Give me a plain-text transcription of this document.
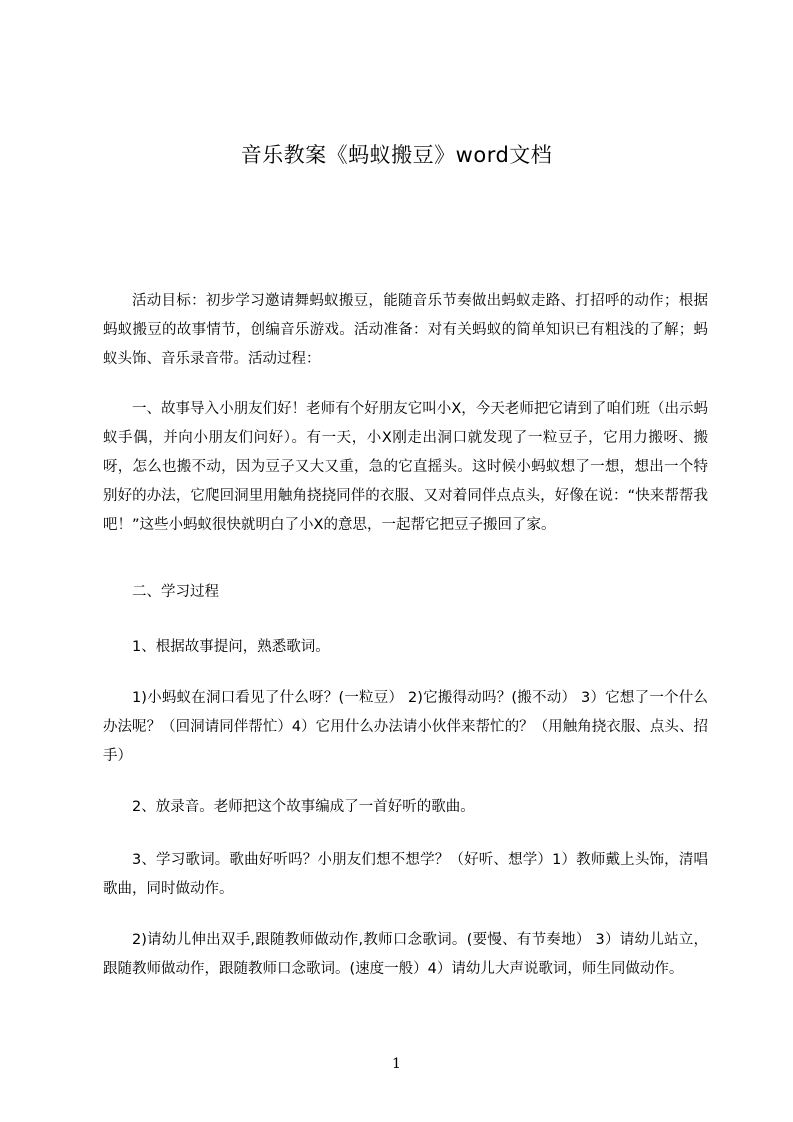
音乐教案《蚂蚁搬豆》word文档
活动目标：初步学习邀请舞蚂蚁搬豆，能随音乐节奏做出蚂蚁走路、打招呼的动作；根据蚂蚁搬豆的故事情节，创编音乐游戏。活动准备：对有关蚂蚁的简单知识已有粗浅的了解；蚂蚁头饰、音乐录音带。活动过程：
一、故事导入小朋友们好！老师有个好朋友它叫小X，今天老师把它请到了咱们班（出示蚂蚁手偶，并向小朋友们问好）。有一天，小X刚走出洞口就发现了一粒豆子，它用力搬呀、搬呀，怎么也搬不动，因为豆子又大又重，急的它直摇头。这时候小蚂蚁想了一想，想出一个特别好的办法，它爬回洞里用触角挠挠同伴的衣服、又对着同伴点点头，好像在说：“快来帮帮我吧！”这些小蚂蚁很快就明白了小X的意思，一起帮它把豆子搬回了家。
二、学习过程
1、根据故事提问，熟悉歌词。
1)小蚂蚁在洞口看见了什么呀？(一粒豆） 2)它搬得动吗？(搬不动） 3）它想了一个什么办法呢？（回洞请同伴帮忙）4）它用什么办法请小伙伴来帮忙的？（用触角挠衣服、点头、招手）
2、放录音。老师把这个故事编成了一首好听的歌曲。
3、学习歌词。歌曲好听吗？小朋友们想不想学？（好听、想学）1）教师戴上头饰，清唱歌曲，同时做动作。
2)请幼儿伸出双手,跟随教师做动作,教师口念歌词。(要慢、有节奏地） 3）请幼儿站立，跟随教师做动作，跟随教师口念歌词。(速度一般）4）请幼儿大声说歌词，师生同做动作。
1
